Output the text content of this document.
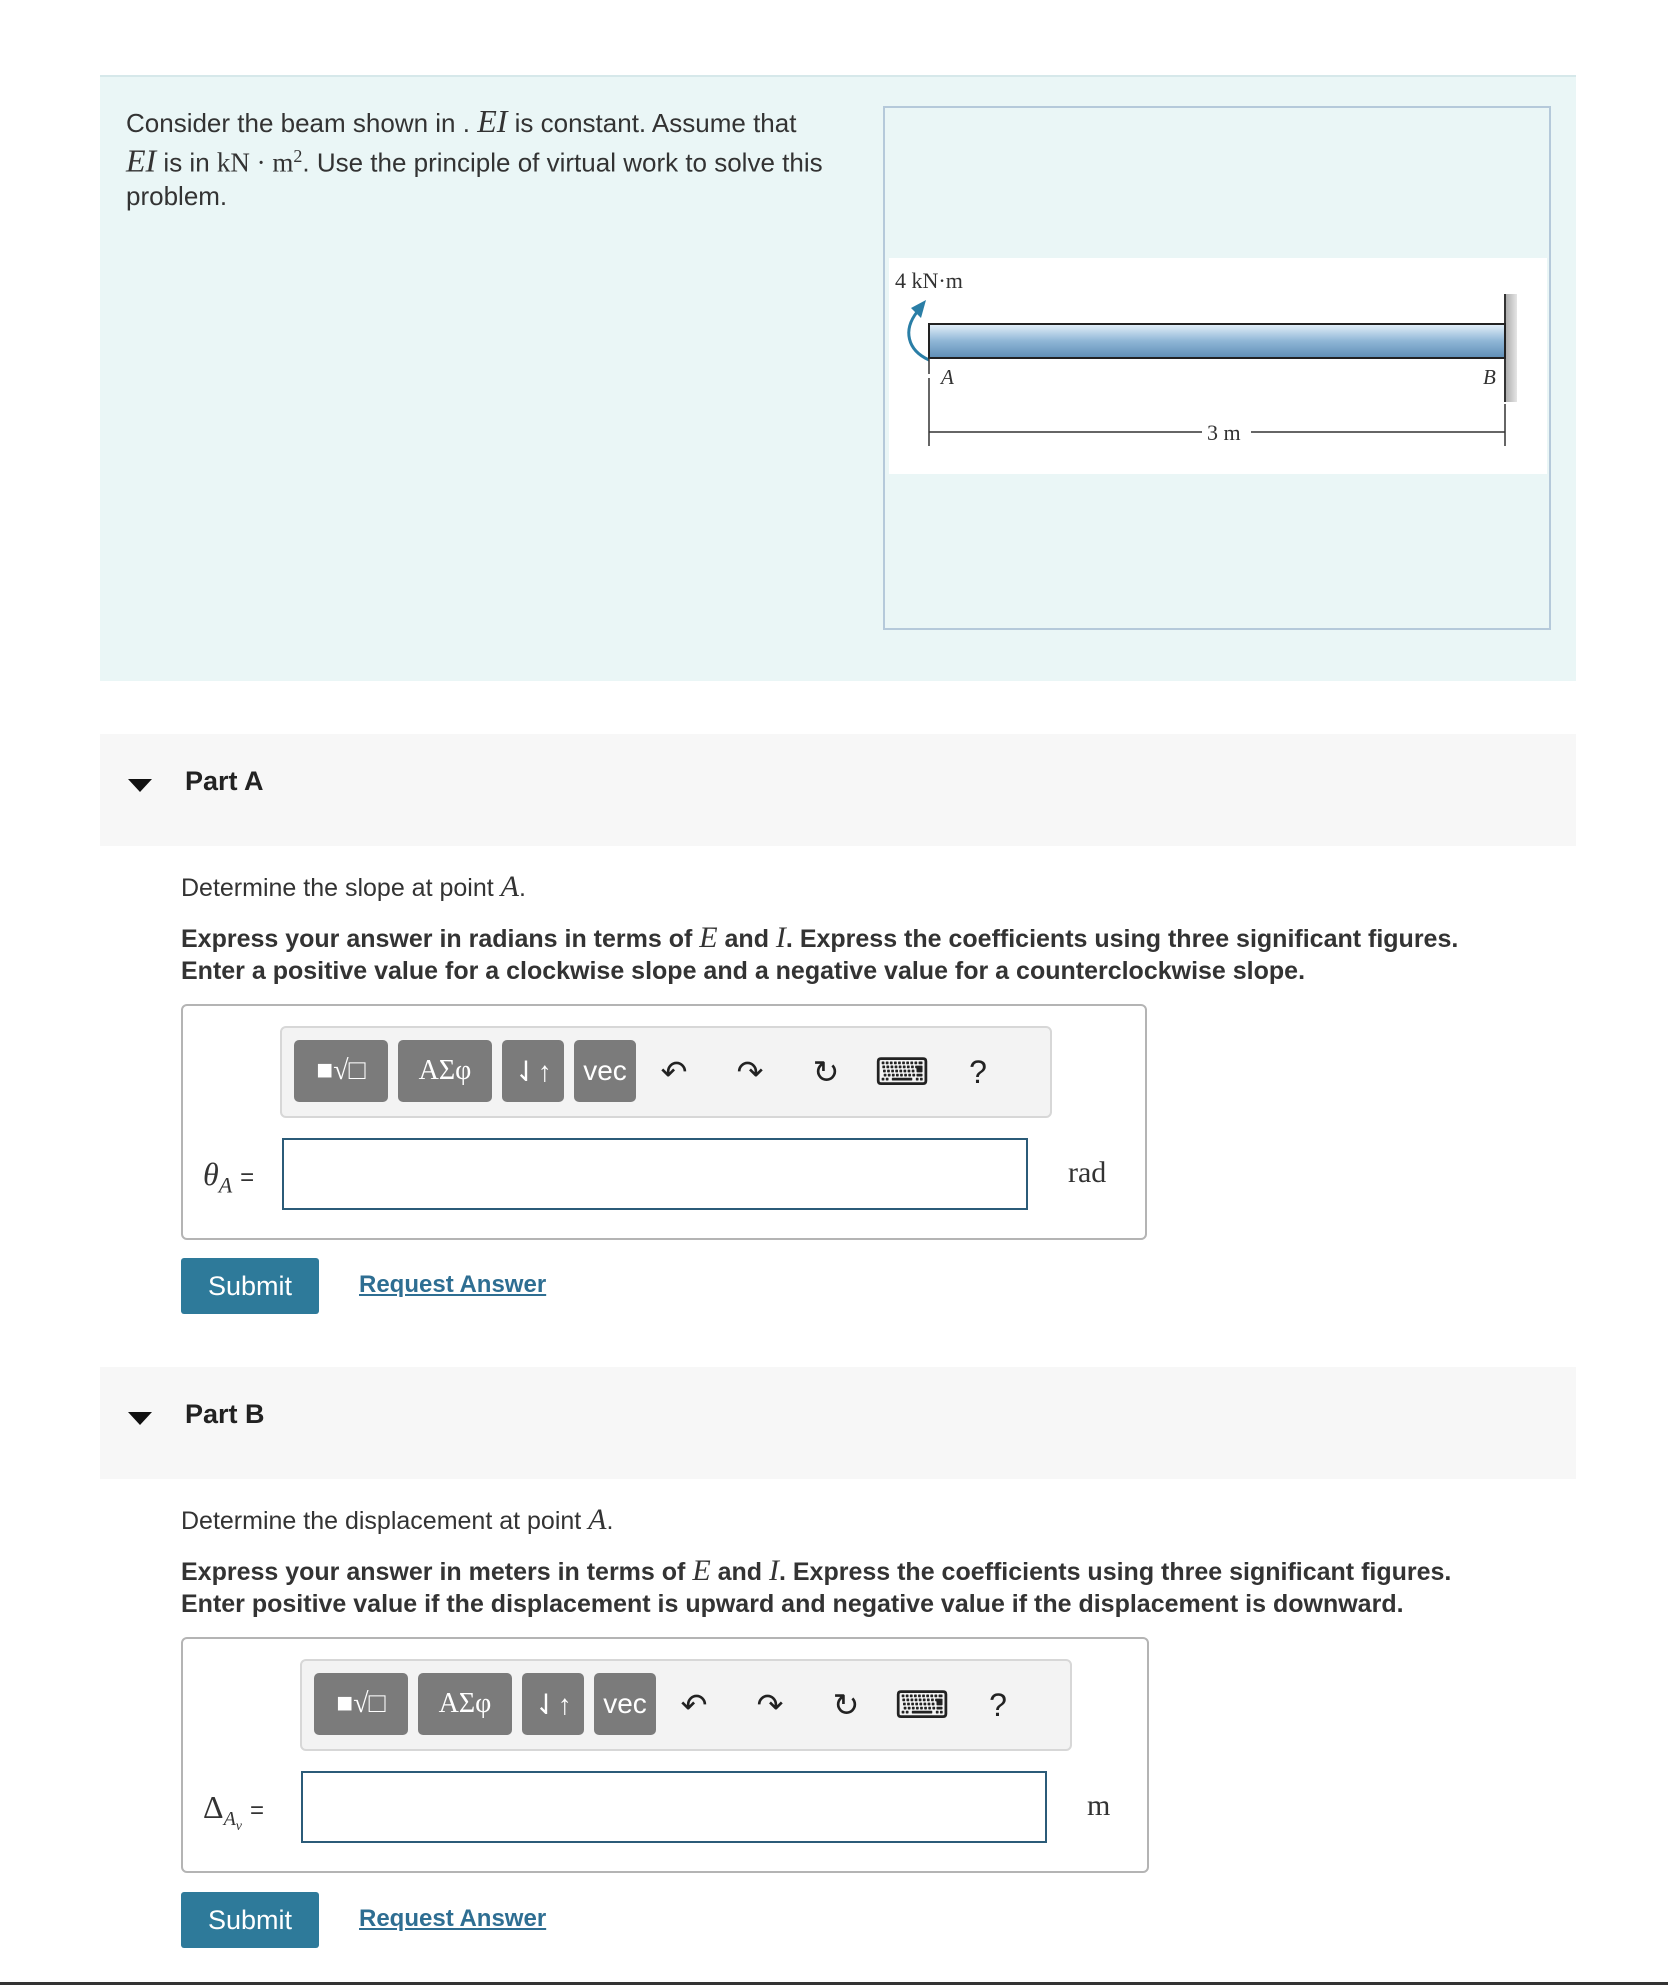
Consider the beam shown in . EI is constant. Assume that
EI is in kN · $m^2$. Use the principle of virtual work to solve this problem.
4 kN·m
A	B
3 m
Part A
Determine the slope at point A.
Express your answer in radians in terms of E and I. Express the coefficients using three significant figures.
Enter a positive value for a clockwise slope and a negative value for a counterclockwise slope.
■√□	ΑΣφ	⇃↑	vec	↶	↷	↻ ⌨	?
$\theta_A$ =	rad
Submit	Request Answer
Part B
Determine the displacement at point A.
Express your answer in meters in terms of E and I. Express the coefficients using three significant figures.
Enter positive value if the displacement is upward and negative value if the displacement is downward.
■√□	ΑΣφ	⇃↑	vec	↶	↷	↻ ⌨	?
$\Delta_{A_v}$ =	m
Submit	Request Answer
